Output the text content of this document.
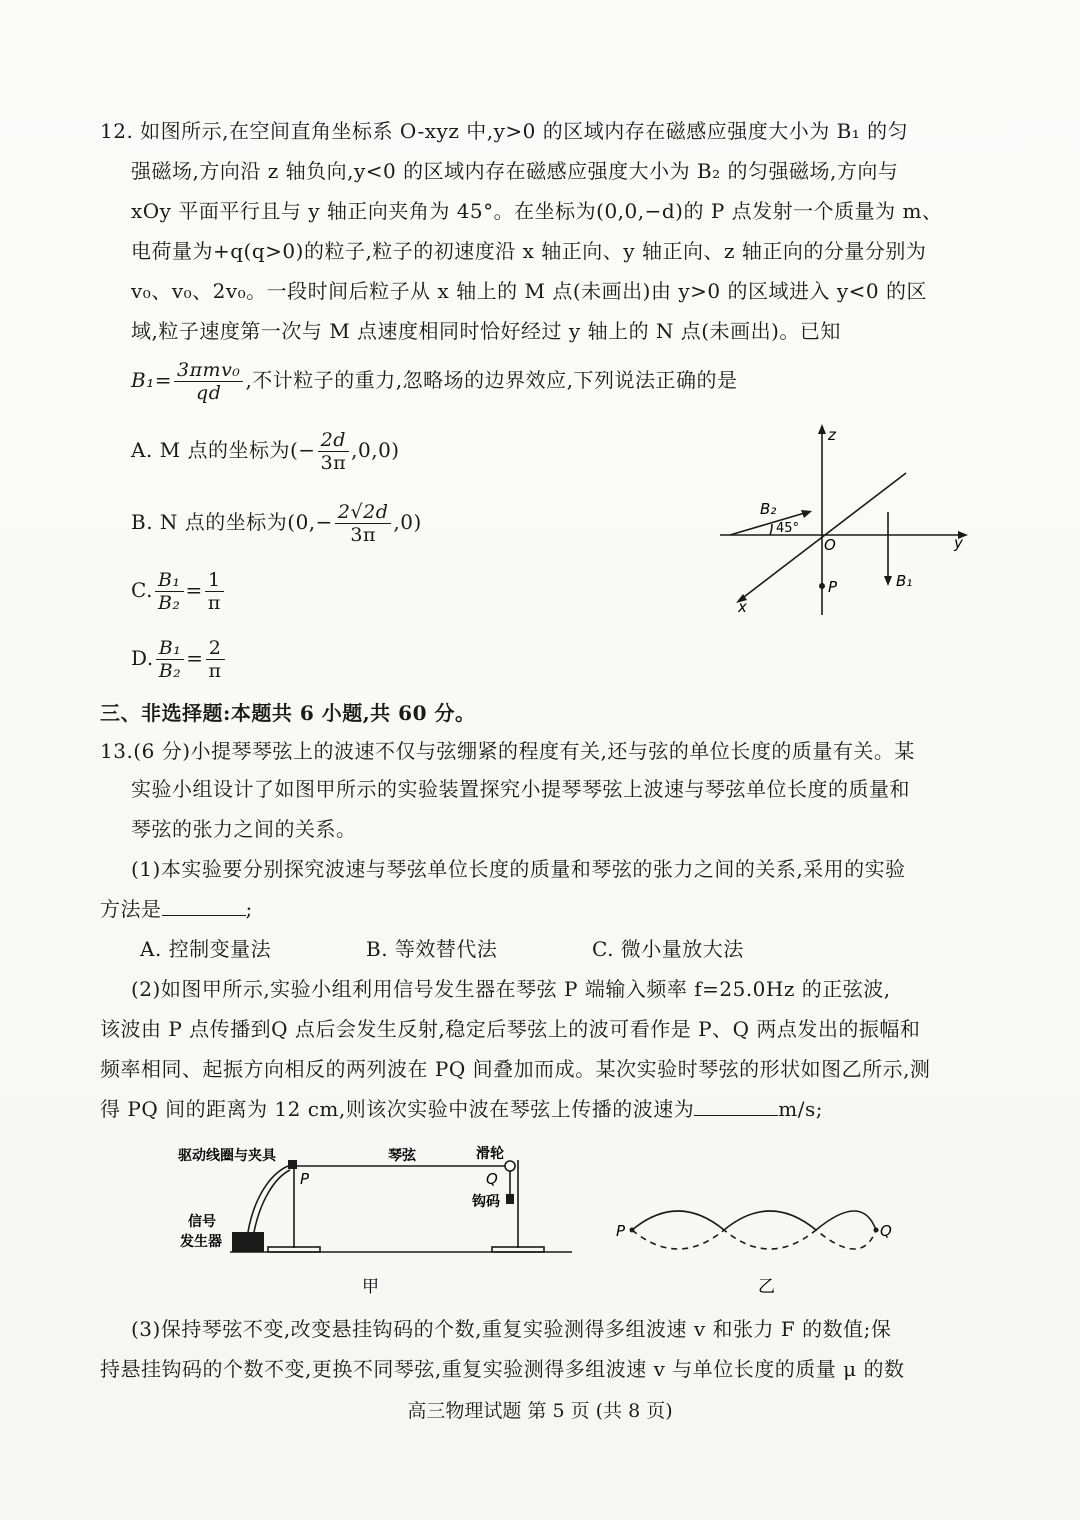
12. 如图所示,在空间直角坐标系 O-xyz 中,y>0 的区域内存在磁感应强度大小为 B₁ 的匀
强磁场,方向沿 z 轴负向,y<0 的区域内存在磁感应强度大小为 B₂ 的匀强磁场,方向与
xOy 平面平行且与 y 轴正向夹角为 45°。在坐标为(0,0,−d)的 P 点发射一个质量为 m、
电荷量为+q(q>0)的粒子,粒子的初速度沿 x 轴正向、y 轴正向、z 轴正向的分量分别为
v₀、v₀、2v₀。一段时间后粒子从 x 轴上的 M 点(未画出)由 y>0 的区域进入 y<0 的区
域,粒子速度第一次与 M 点速度相同时恰好经过 y 轴上的 N 点(未画出)。已知
$B_1= \frac{\text{3πmv₀}}{qd}$ ,不计粒子的重力,忽略场的边界效应,下列说法正确的是
A. M 点的坐标为(− $\frac{2d}{3\pi} ,0,0$)
B. N 点的坐标为$(0,- \frac{2√2d}{3\pi} ,0)$
C. $\frac{\text{B₁}}{\text{B₂}} = \frac{1}{\pi}$
D. $\frac{\text{B₁}}{\text{B₂}} = \frac{2}{\pi}$
z
y
x
O
P	B₁
B₂
45°
三、非选择题:本题共 6 小题,共 60 分。
13.(6 分)小提琴琴弦上的波速不仅与弦绷紧的程度有关,还与弦的单位长度的质量有关。某
实验小组设计了如图甲所示的实验装置探究小提琴琴弦上波速与琴弦单位长度的质量和
琴弦的张力之间的关系。
(1)本实验要分别探究波速与琴弦单位长度的质量和琴弦的张力之间的关系,采用的实验
方法是	;
A. 控制变量法	B. 等效替代法	C. 微小量放大法
(2)如图甲所示,实验小组利用信号发生器在琴弦 P 端输入频率 f=25.0Hz 的正弦波,
该波由 P 点传播到Q 点后会发生反射,稳定后琴弦上的波可看作是 P、Q 两点发出的振幅和
频率相同、起振方向相反的两列波在 PQ 间叠加而成。某次实验时琴弦的形状如图乙所示,测
得 PQ 间的距离为 12 cm,则该次实验中波在琴弦上传播的波速为	m/s;
驱动线圈与夹具	琴弦	滑轮
P	Q
钩码
信号
发生器
甲
P	Q
乙
(3)保持琴弦不变,改变悬挂钩码的个数,重复实验测得多组波速 v 和张力 F 的数值;保
持悬挂钩码的个数不变,更换不同琴弦,重复实验测得多组波速 v 与单位长度的质量 μ 的数
高三物理试题 第 5 页 (共 8 页)
